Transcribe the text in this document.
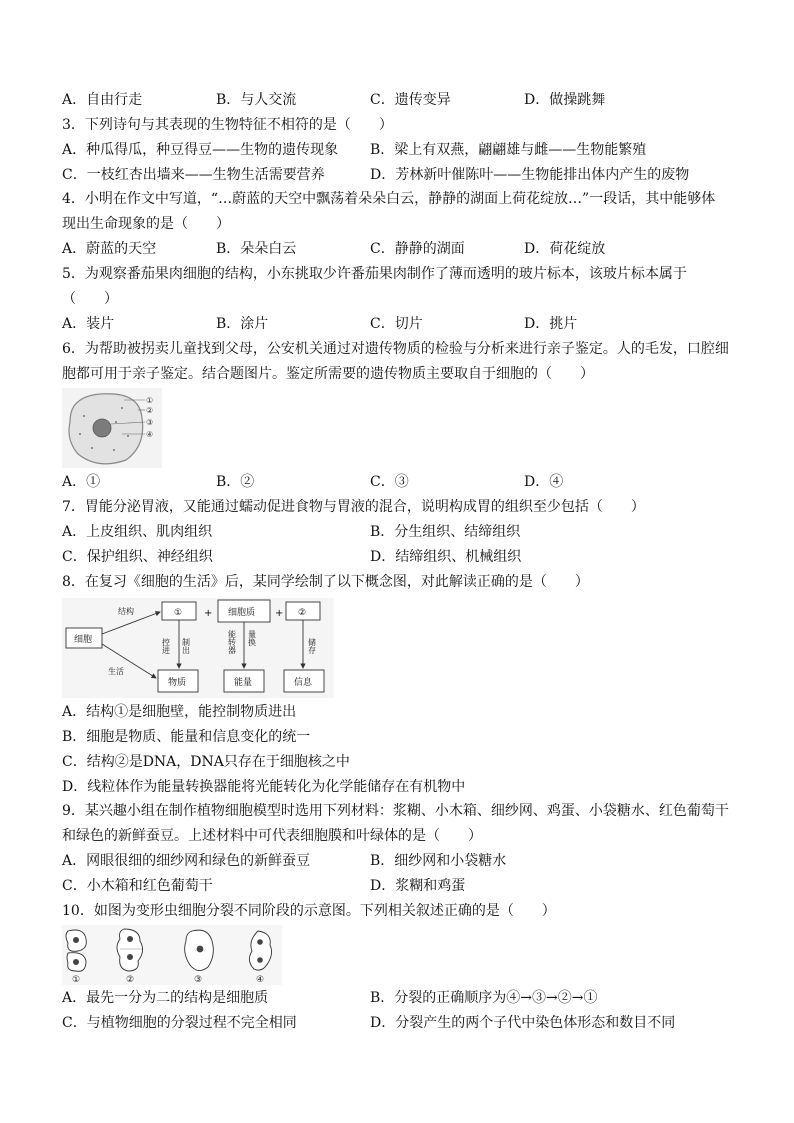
A．自由行走	B．与人交流	C．遗传变异	D．做操跳舞
3．下列诗句与其表现的生物特征不相符的是（　　）
A．种瓜得瓜，种豆得豆——生物的遗传现象 B．梁上有双燕，翩翩雄与雌——生物能繁殖
C．一枝红杏出墙来——生物生活需要营养	D．芳林新叶催陈叶——生物能排出体内产生的废物
4．小明在作文中写道，“…蔚蓝的天空中飘荡着朵朵白云，静静的湖面上荷花绽放…”一段话，其中能够体
现出生命现象的是（　　）
A．蔚蓝的天空	B．朵朵白云	C．静静的湖面	D．荷花绽放
5．为观察番茄果肉细胞的结构，小东挑取少许番茄果肉制作了薄而透明的玻片标本，该玻片标本属于
（　　）
A．装片	B．涂片	C．切片	D．挑片
6．为帮助被拐卖儿童找到父母，公安机关通过对遗传物质的检验与分析来进行亲子鉴定。人的毛发，口腔细
胞都可用于亲子鉴定。结合题图片。鉴定所需要的遗传物质主要取自于细胞的（　　）
①
②
③
④
A．①	B．②	C．③	D．④
7．胃能分泌胃液，又能通过蠕动促进食物与胃液的混合，说明构成胃的组织至少包括（　　）
A．上皮组织、肌肉组织	B．分生组织、结缔组织
C．保护组织、神经组织	D．结缔组织、机械组织
8．在复习《细胞的生活》后，某同学绘制了以下概念图，对此解读正确的是（　　）
细胞
结构
生活
① + 细胞质 + ②
控进 制出	能转器 量换	储存
物质	能量	信息
A．结构①是细胞壁，能控制物质进出
B．细胞是物质、能量和信息变化的统一
C．结构②是DNA，DNA只存在于细胞核之中
D．线粒体作为能量转换器能将光能转化为化学能储存在有机物中
9．某兴趣小组在制作植物细胞模型时选用下列材料：浆糊、小木箱、细纱网、鸡蛋、小袋糖水、红色葡萄干
和绿色的新鲜蚕豆。上述材料中可代表细胞膜和叶绿体的是（　　）
A．网眼很细的细纱网和绿色的新鲜蚕豆	B．细纱网和小袋糖水
C．小木箱和红色葡萄干	D．浆糊和鸡蛋
10．如图为变形虫细胞分裂不同阶段的示意图。下列相关叙述正确的是（　　）
①	②	③	④
A．最先一分为二的结构是细胞质	B．分裂的正确顺序为④→③→②→①
C．与植物细胞的分裂过程不完全相同	D．分裂产生的两个子代中染色体形态和数目不同
